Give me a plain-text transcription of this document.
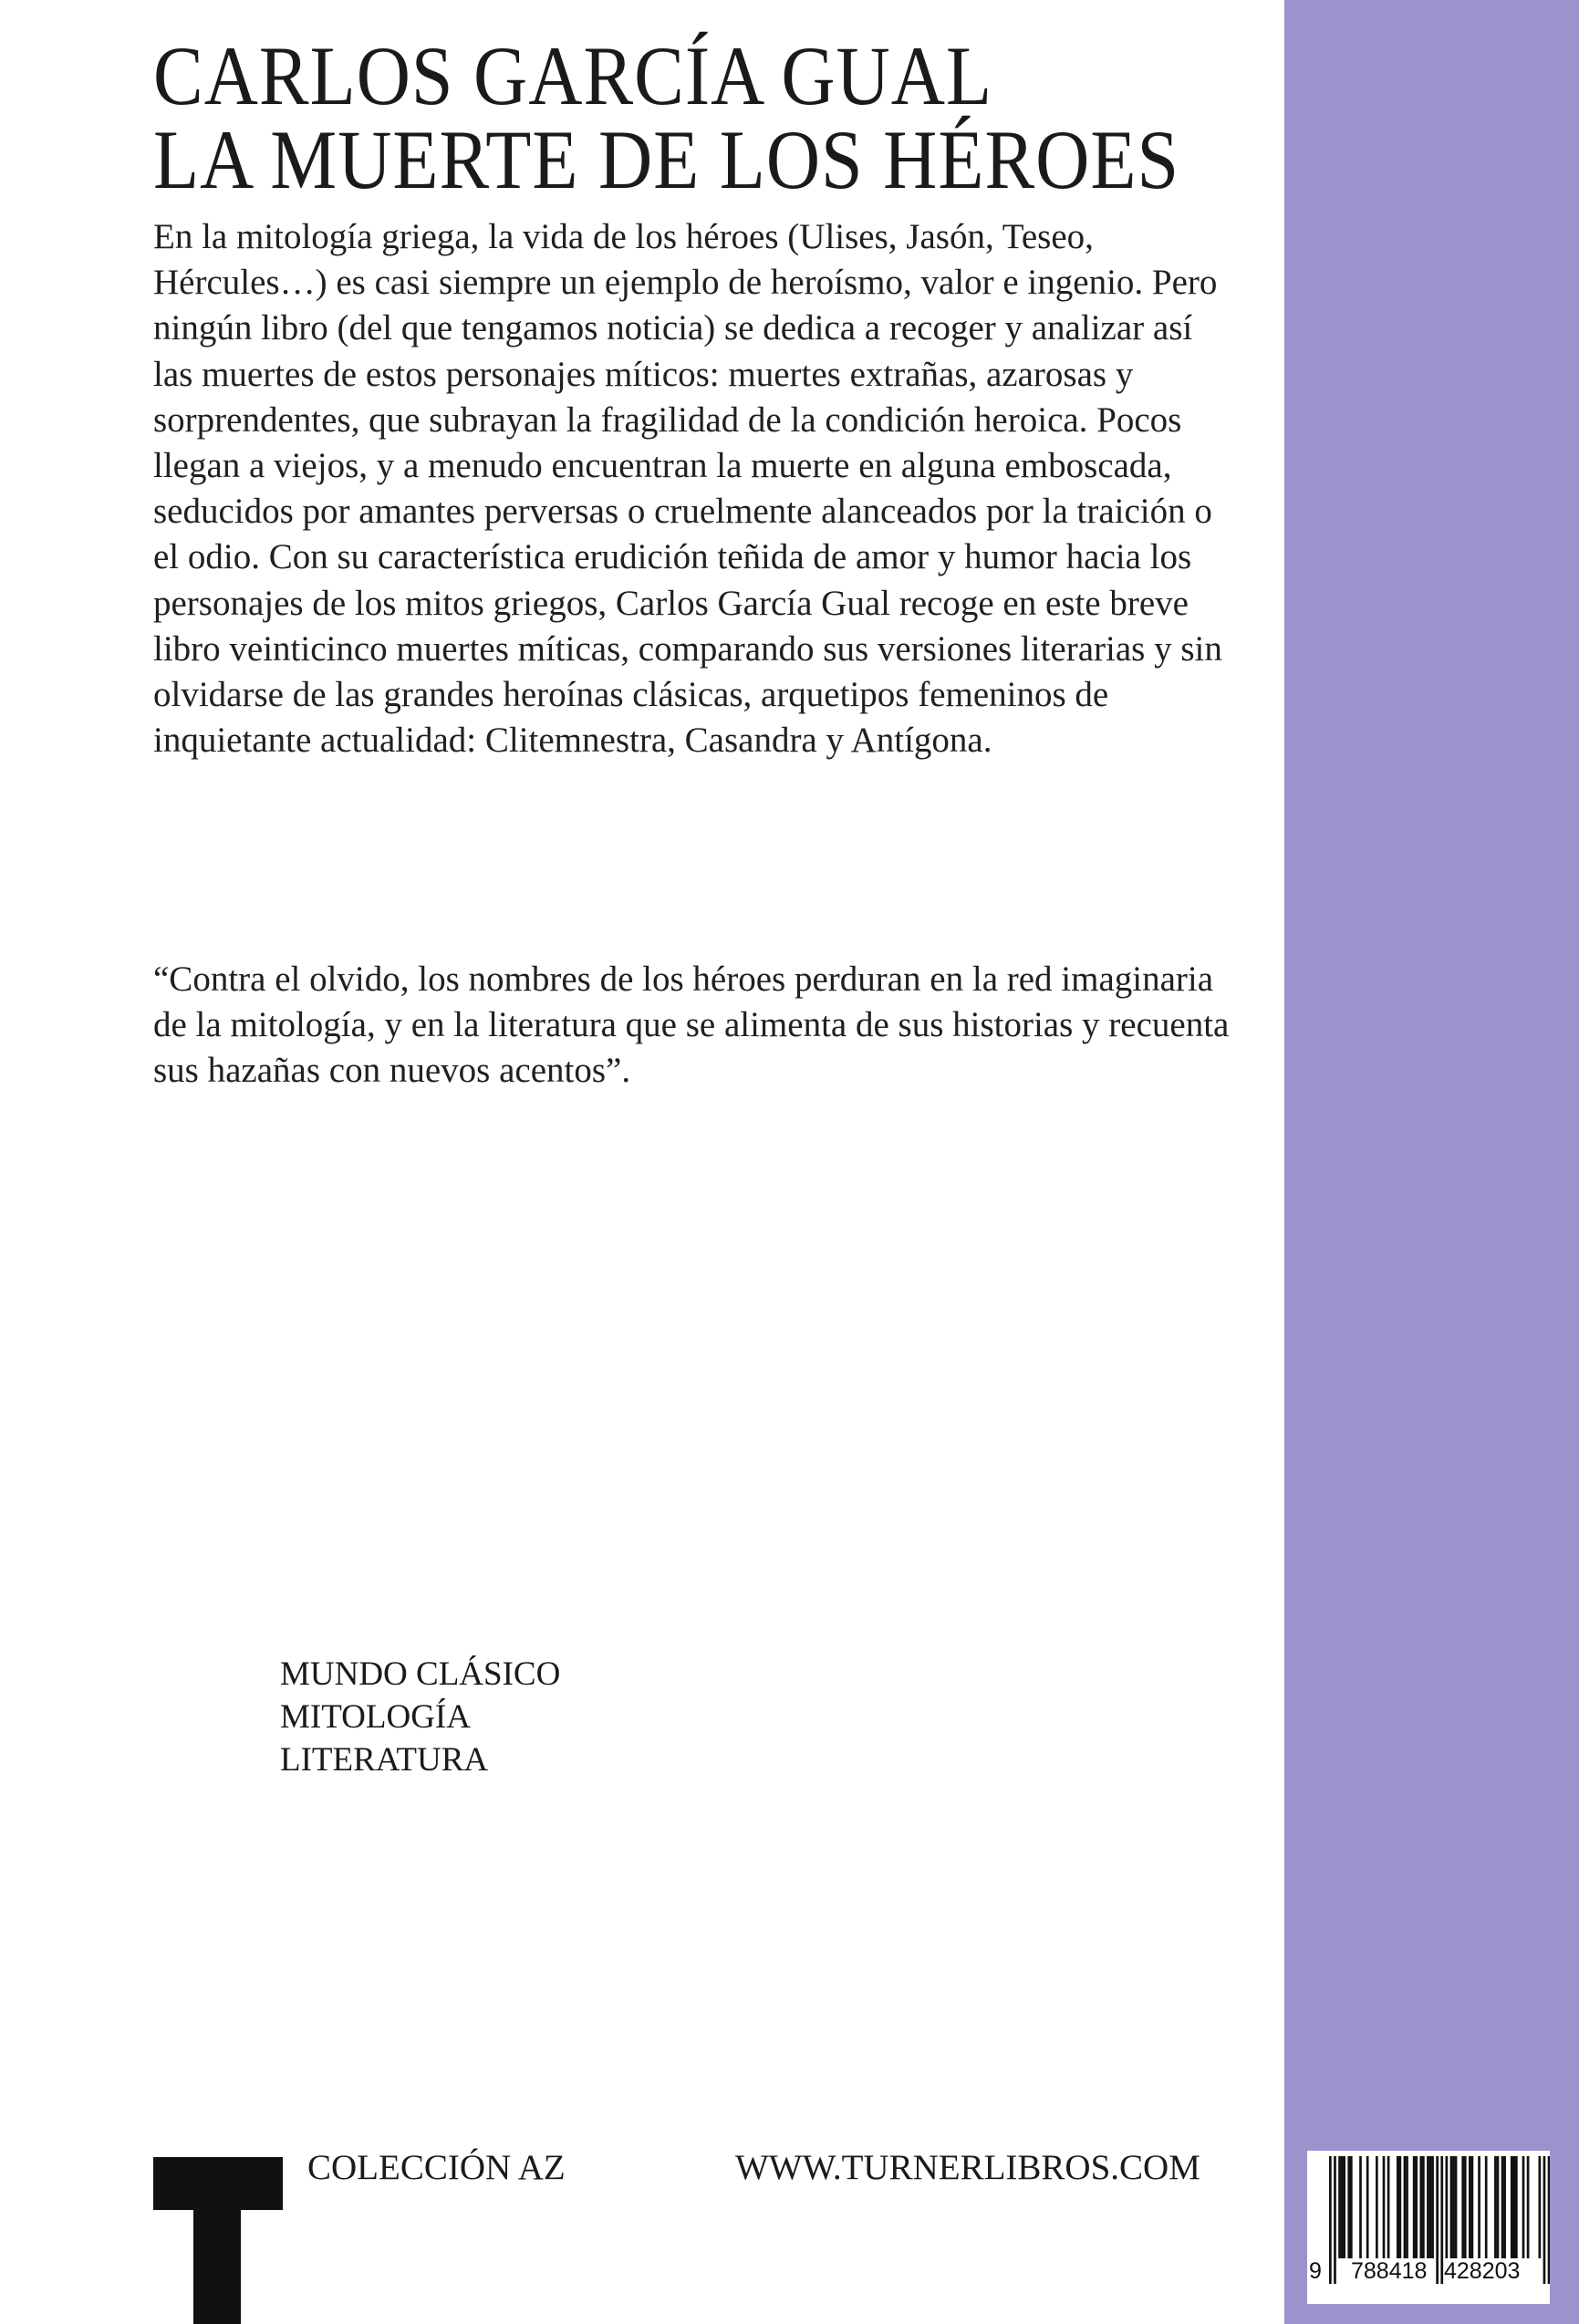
CARLOS GARCÍA GUAL
LA MUERTE DE LOS HÉROES

En la mitología griega, la vida de los héroes (Ulises, Jasón, Teseo, Hércules…) es casi siempre un ejemplo de heroísmo, valor e ingenio. Pero ningún libro (del que tengamos noticia) se dedica a recoger y analizar así las muertes de estos personajes míticos: muertes extrañas, azarosas y sorprendentes, que subrayan la fragilidad de la condición heroica. Pocos llegan a viejos, y a menudo encuentran la muerte en alguna emboscada, seducidos por amantes perversas o cruelmente alanceados por la traición o el odio. Con su característica erudición teñida de amor y humor hacia los personajes de los mitos griegos, Carlos García Gual recoge en este breve libro veinticinco muertes míticas, comparando sus versiones literarias y sin olvidarse de las grandes heroínas clásicas, arquetipos femeninos de inquietante actualidad: Clitemnestra, Casandra y Antígona.

“Contra el olvido, los nombres de los héroes perduran en la red imaginaria de la mitología, y en la literatura que se alimenta de sus historias y recuenta sus hazañas con nuevos acentos”.

MUNDO CLÁSICO
MITOLOGÍA
LITERATURA
COLECCIÓN AZ	WWW.TURNERLIBROS.COM
9 788418 428203
